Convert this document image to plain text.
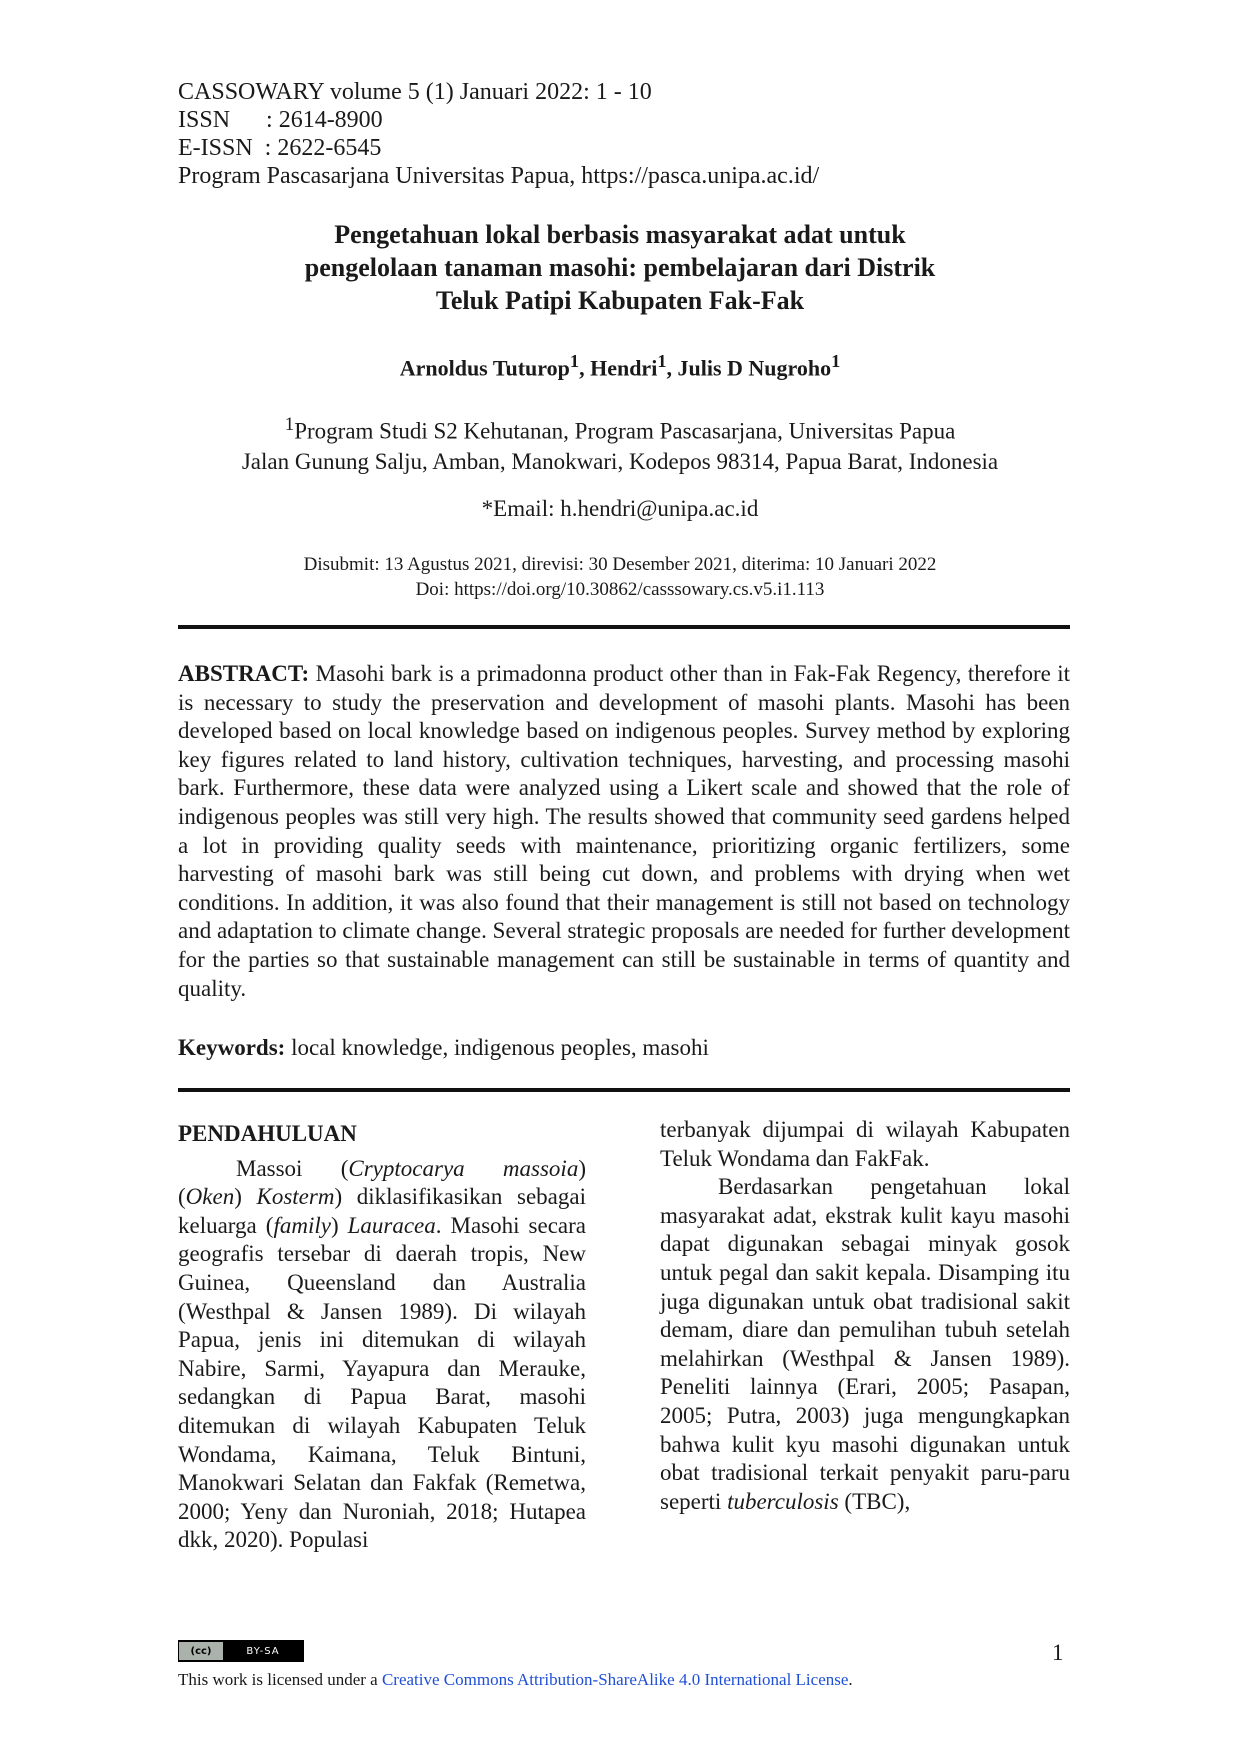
CASSOWARY volume 5 (1) Januari 2022: 1 - 10
ISSN      : 2614-8900
E-ISSN  : 2622-6545
Program Pascasarjana Universitas Papua, https://pasca.unipa.ac.id/
Pengetahuan lokal berbasis masyarakat adat untuk
pengelolaan tanaman masohi: pembelajaran dari Distrik
Teluk Patipi Kabupaten Fak-Fak
Arnoldus Tuturop$^1$, Hendri$^1$, Julis D Nugroho$^1$
$^1$Program Studi S2 Kehutanan, Program Pascasarjana, Universitas Papua
Jalan Gunung Salju, Amban, Manokwari, Kodepos 98314, Papua Barat, Indonesia
*Email: h.hendri@unipa.ac.id
Disubmit: 13 Agustus 2021, direvisi: 30 Desember 2021, diterima: 10 Januari 2022
Doi: https://doi.org/10.30862/casssowary.cs.v5.i1.113
ABSTRACT: Masohi bark is a primadonna product other than in Fak-Fak Regency, therefore it is necessary to study the preservation and development of masohi plants. Masohi has been developed based on local knowledge based on indigenous peoples. Survey method by exploring key figures related to land history, cultivation techniques, harvesting, and processing masohi bark. Furthermore, these data were analyzed using a Likert scale and showed that the role of indigenous peoples was still very high. The results showed that community seed gardens helped a lot in providing quality seeds with maintenance, prioritizing organic fertilizers, some harvesting of masohi bark was still being cut down, and problems with drying when wet conditions. In addition, it was also found that their management is still not based on technology and adaptation to climate change. Several strategic proposals are needed for further development for the parties so that sustainable management can still be sustainable in terms of quantity and quality.
Keywords: local knowledge, indigenous peoples, masohi
PENDAHULUAN

Massoi (Cryptocarya massoia) (Oken) Kosterm) diklasifikasikan sebagai keluarga (family) Lauracea. Masohi secara geografis tersebar di daerah tropis, New Guinea, Queensland dan Australia (Westhpal & Jansen 1989). Di wilayah Papua, jenis ini ditemukan di wilayah Nabire, Sarmi, Yayapura dan Merauke, sedangkan di Papua Barat, masohi ditemukan di wilayah Kabupaten Teluk Wondama, Kaimana, Teluk Bintuni, Manokwari Selatan dan Fakfak (Remetwa, 2000; Yeny dan Nuroniah, 2018; Hutapea dkk, 2020). Populasi

terbanyak dijumpai di wilayah Kabupaten Teluk Wondama dan FakFak.

Berdasarkan pengetahuan lokal masyarakat adat, ekstrak kulit kayu masohi dapat digunakan sebagai minyak gosok untuk pegal dan sakit kepala. Disamping itu juga digunakan untuk obat tradisional sakit demam, diare dan pemulihan tubuh setelah melahirkan (Westhpal & Jansen 1989). Peneliti lainnya (Erari, 2005; Pasapan, 2005; Putra, 2003) juga mengungkapkan bahwa kulit kyu masohi digunakan untuk obat tradisional terkait penyakit paru-paru seperti tuberculosis (TBC),

(cc)	BY-SA	1
This work is licensed under a Creative Commons Attribution-ShareAlike 4.0 International License.
